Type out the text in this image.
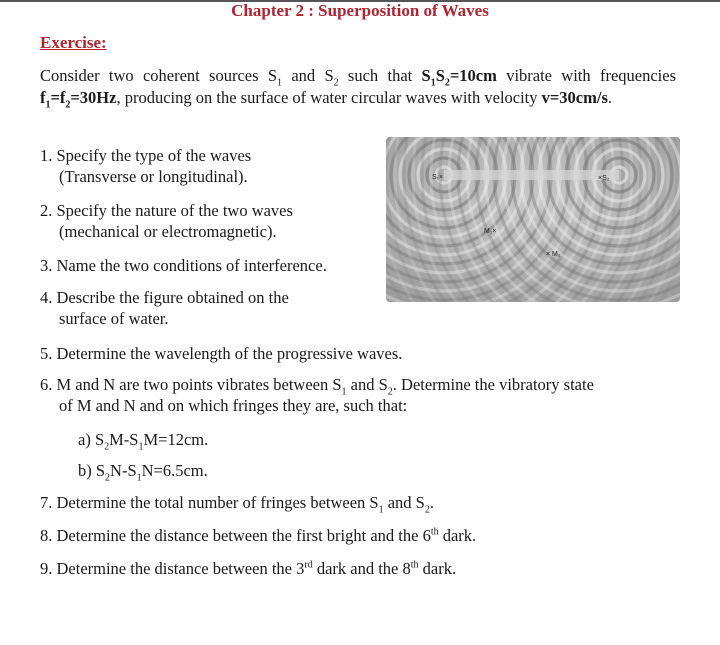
Chapter 2 : Superposition of Waves
Exercise:
Consider two coherent sources $S_1$ and $S_2$ such that $S_1S_2=10cm$ vibrate with frequencies $f_1=f_2=30Hz$, producing on the surface of water circular waves with velocity v=30cm/s.
1. Specify the type of the waves
(Transverse or longitudinal).
2. Specify the nature of the two waves
(mechanical or electromagnetic).
3. Name the two conditions of interference.
4. Describe the figure obtained on the
surface of water.
S₁×	×S₂
M₁×
× M₂
5. Determine the wavelength of the progressive waves.
6. M and N are two points vibrates between $S_1$ and $S_2$. Determine the vibratory state
of M and N and on which fringes they are, such that:
a) $S_2M-S_1M=12cm$.
b) $S_2N-S_1N=6.5cm$.
7. Determine the total number of fringes between $S_1$ and $S_2$.
8. Determine the distance between the first bright and the 6th dark.
9. Determine the distance between the 3rd dark and the 8th dark.
